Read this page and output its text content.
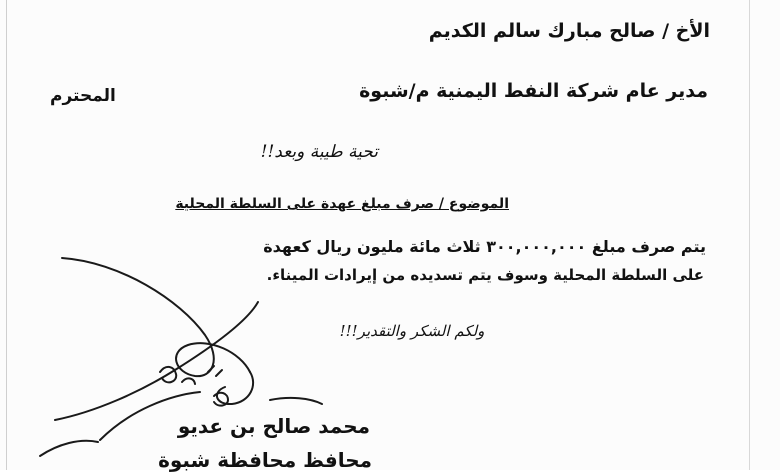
الأخ / صالح مبارك سالم الكديم
مدير عام شركة النفط اليمنية م/شبوة
المحترم
تحية طيبة وبعد!!
الموضوع / صرف مبلغ عهدة على السلطة المحلية
يتم صرف مبلغ ٣٠٠,٠٠٠,٠٠٠ ثلاث مائة مليون ريال كعهدة
على السلطة المحلية وسوف يتم تسديده من إيرادات الميناء.
ولكم الشكر والتقدير!!!
محمد صالح بن عديو
محافظ محافظة شبوة
